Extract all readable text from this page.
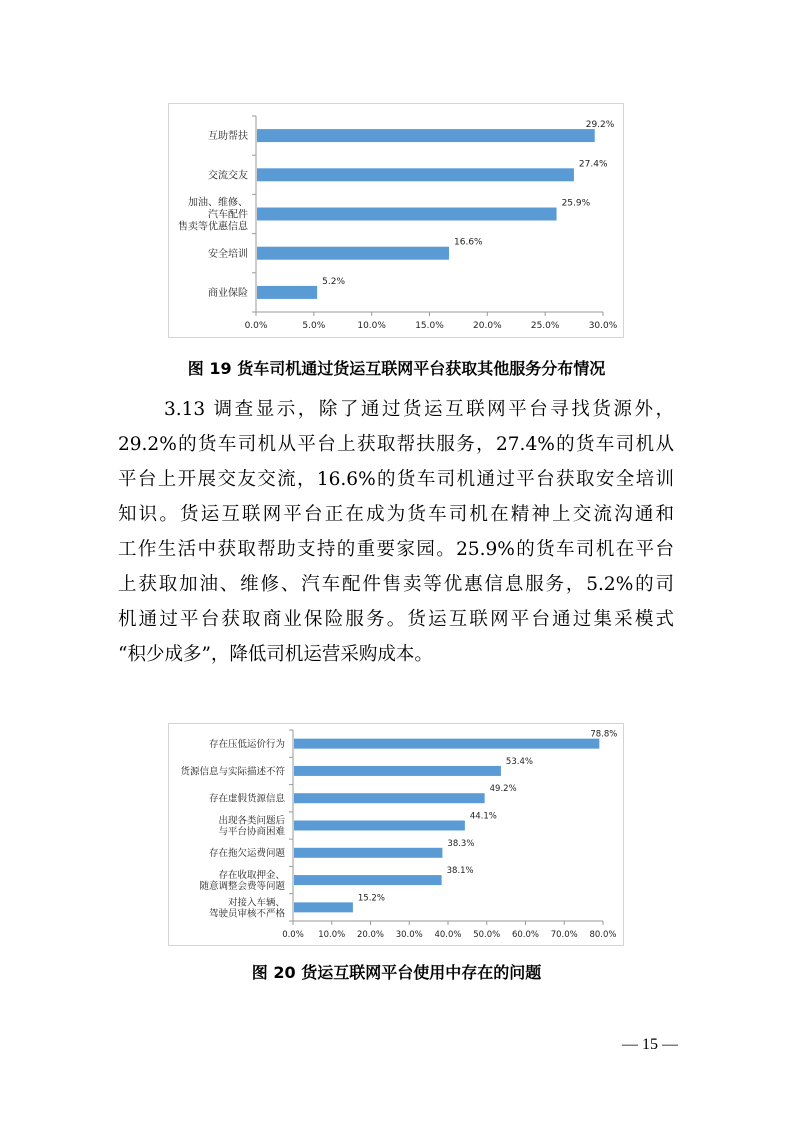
29.2%
互助帮扶
27.4%
交流交友
25.9%
加油、维修、
汽车配件
售卖等优惠信息
16.6%
安全培训
5.2%
商业保险
0.0%	5.0%	10.0%	15.0%	20.0%	25.0%	30.0%
图 19 货车司机通过货运互联网平台获取其他服务分布情况
3.13 调查显示，除了通过货运互联网平台寻找货源外，
29.2%的货车司机从平台上获取帮扶服务，27.4%的货车司机从
平台上开展交友交流，16.6%的货车司机通过平台获取安全培训
知识。货运互联网平台正在成为货车司机在精神上交流沟通和
工作生活中获取帮助支持的重要家园。25.9%的货车司机在平台
上获取加油、维修、汽车配件售卖等优惠信息服务，5.2%的司
机通过平台获取商业保险服务。货运互联网平台通过集采模式
“积少成多”，降低司机运营采购成本。
78.8%
存在压低运价行为
53.4%
货源信息与实际描述不符
49.2%
存在虚假货源信息
44.1%
出现各类问题后
与平台协商困难
38.3%
存在拖欠运费问题
38.1%
存在收取押金、
随意调整会费等问题
15.2%
对接入车辆、
驾驶员审核不严格
0.0% 10.0% 20.0% 30.0% 40.0% 50.0% 60.0% 70.0% 80.0%
图 20 货运互联网平台使用中存在的问题
— 15 —
